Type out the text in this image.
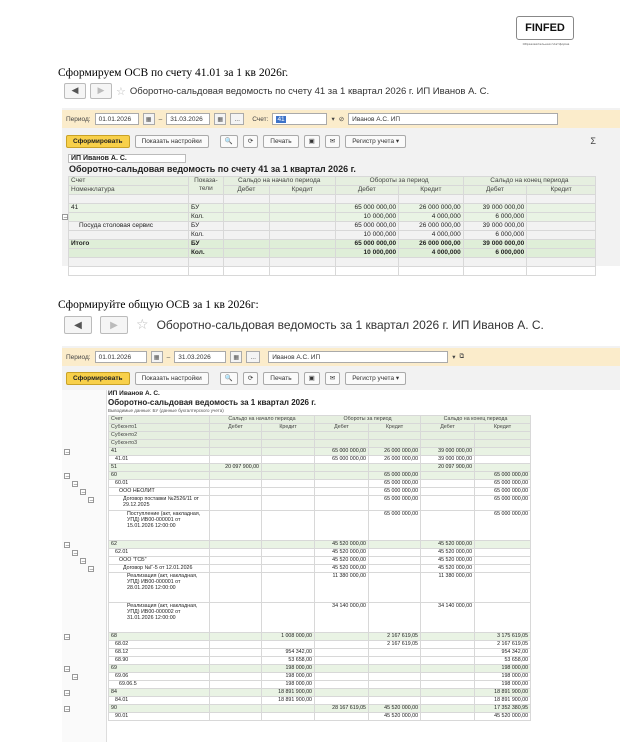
FINFED
Образовательная платформа
Сформируем ОСВ по счету 41.01 за 1 кв 2026г.
◀	▶	☆ Оборотно-сальдовая ведомость по счету 41 за 1 квартал 2026 г. ИП Иванов А. С.
Период:	01.01.2026	▦	–	31.03.2026	▦	...	Счет: 41	▾ ⊘	Иванов А.С. ИП
Сформировать	Показать настройки	🔍	⟳	Печать	▣	✉	Регистр учета ▾	Σ
ИП Иванов А. С.
Оборотно-сальдовая ведомость по счету 41 за 1 квартал 2026 г.
Счет	Показа-
тели	Сальдо на начало периода		Обороты за период		Сальдо на конец периода	
Номенклатура		Дебет	Кредит	Дебет	Кредит	Дебет	Кредит

41	БУ			65 000 000,00	26 000 000,00	39 000 000,00	
	Кол.			10 000,000	4 000,000	6 000,000	
Посуда столовая сервис	БУ			65 000 000,00	26 000 000,00	39 000 000,00	
	Кол.			10 000,000	4 000,000	6 000,000	
Итого	БУ			65 000 000,00	26 000 000,00	39 000 000,00	
	Кол.			10 000,000	4 000,000	6 000,000	

Сформируйте общую ОСВ за 1 кв 2026г:
◀	▶	☆ Оборотно-сальдовая ведомость за 1 квартал 2026 г. ИП Иванов А. С.
Период:	01.01.2026	▦	–	31.03.2026	▦	...	Иванов А.С. ИП	▾ ⧉
Сформировать	Показать настройки	🔍	⟳	Печать	▣	✉	Регистр учета ▾
ИП Иванов А. С.
Оборотно-сальдовая ведомость за 1 квартал 2026 г.
Выводимые данные: БУ (данные бухгалтерского учета)
Счет	Сальдо на начало периода		Обороты за период		Сальдо на конец периода	
Субконто1	Дебет	Кредит	Дебет	Кредит	Дебет	Кредит
Субконто2						
Субконто3						
41			65 000 000,00	26 000 000,00	39 000 000,00	
41.01			65 000 000,00	26 000 000,00	39 000 000,00	
51	20 097 900,00				20 097 900,00	
60				65 000 000,00		65 000 000,00
60.01				65 000 000,00		65 000 000,00
ООО НЕОЛИТ				65 000 000,00		65 000 000,00
Договор поставки №2526/11 от 29.12.2025				65 000 000,00		65 000 000,00
Поступление (акт, накладная, УПД) ИВ00-000001 от 15.01.2026 12:00:00				65 000 000,00		65 000 000,00
62			45 520 000,00		45 520 000,00	
62.01			45 520 000,00		45 520 000,00	
ООО "ГСБ"			45 520 000,00		45 520 000,00	
Договор №Г-5 от 12.01.2026			45 520 000,00		45 520 000,00	
Реализация (акт, накладная, УПД) ИВ00-000001 от 28.01.2026 12:00:00			11 380 000,00		11 380 000,00	
Реализация (акт, накладная, УПД) ИВ00-000002 от 31.01.2026 12:00:00			34 140 000,00		34 140 000,00	
68		1 008 000,00		2 167 619,05		3 175 619,05
68.02				2 167 619,05		2 167 619,05
68.12		954 342,00				954 342,00
68.90		53 658,00				53 658,00
69		198 000,00				198 000,00
69.06		198 000,00				198 000,00
69.06.5		198 000,00				198 000,00
84		18 891 900,00				18 891 900,00
84.01		18 891 900,00				18 891 900,00
90			28 167 619,05	45 520 000,00		17 352 380,95
90.01				45 520 000,00		45 520 000,00
−
−
−
−
−
−
−
−
−
−
−
−
−
−
−
